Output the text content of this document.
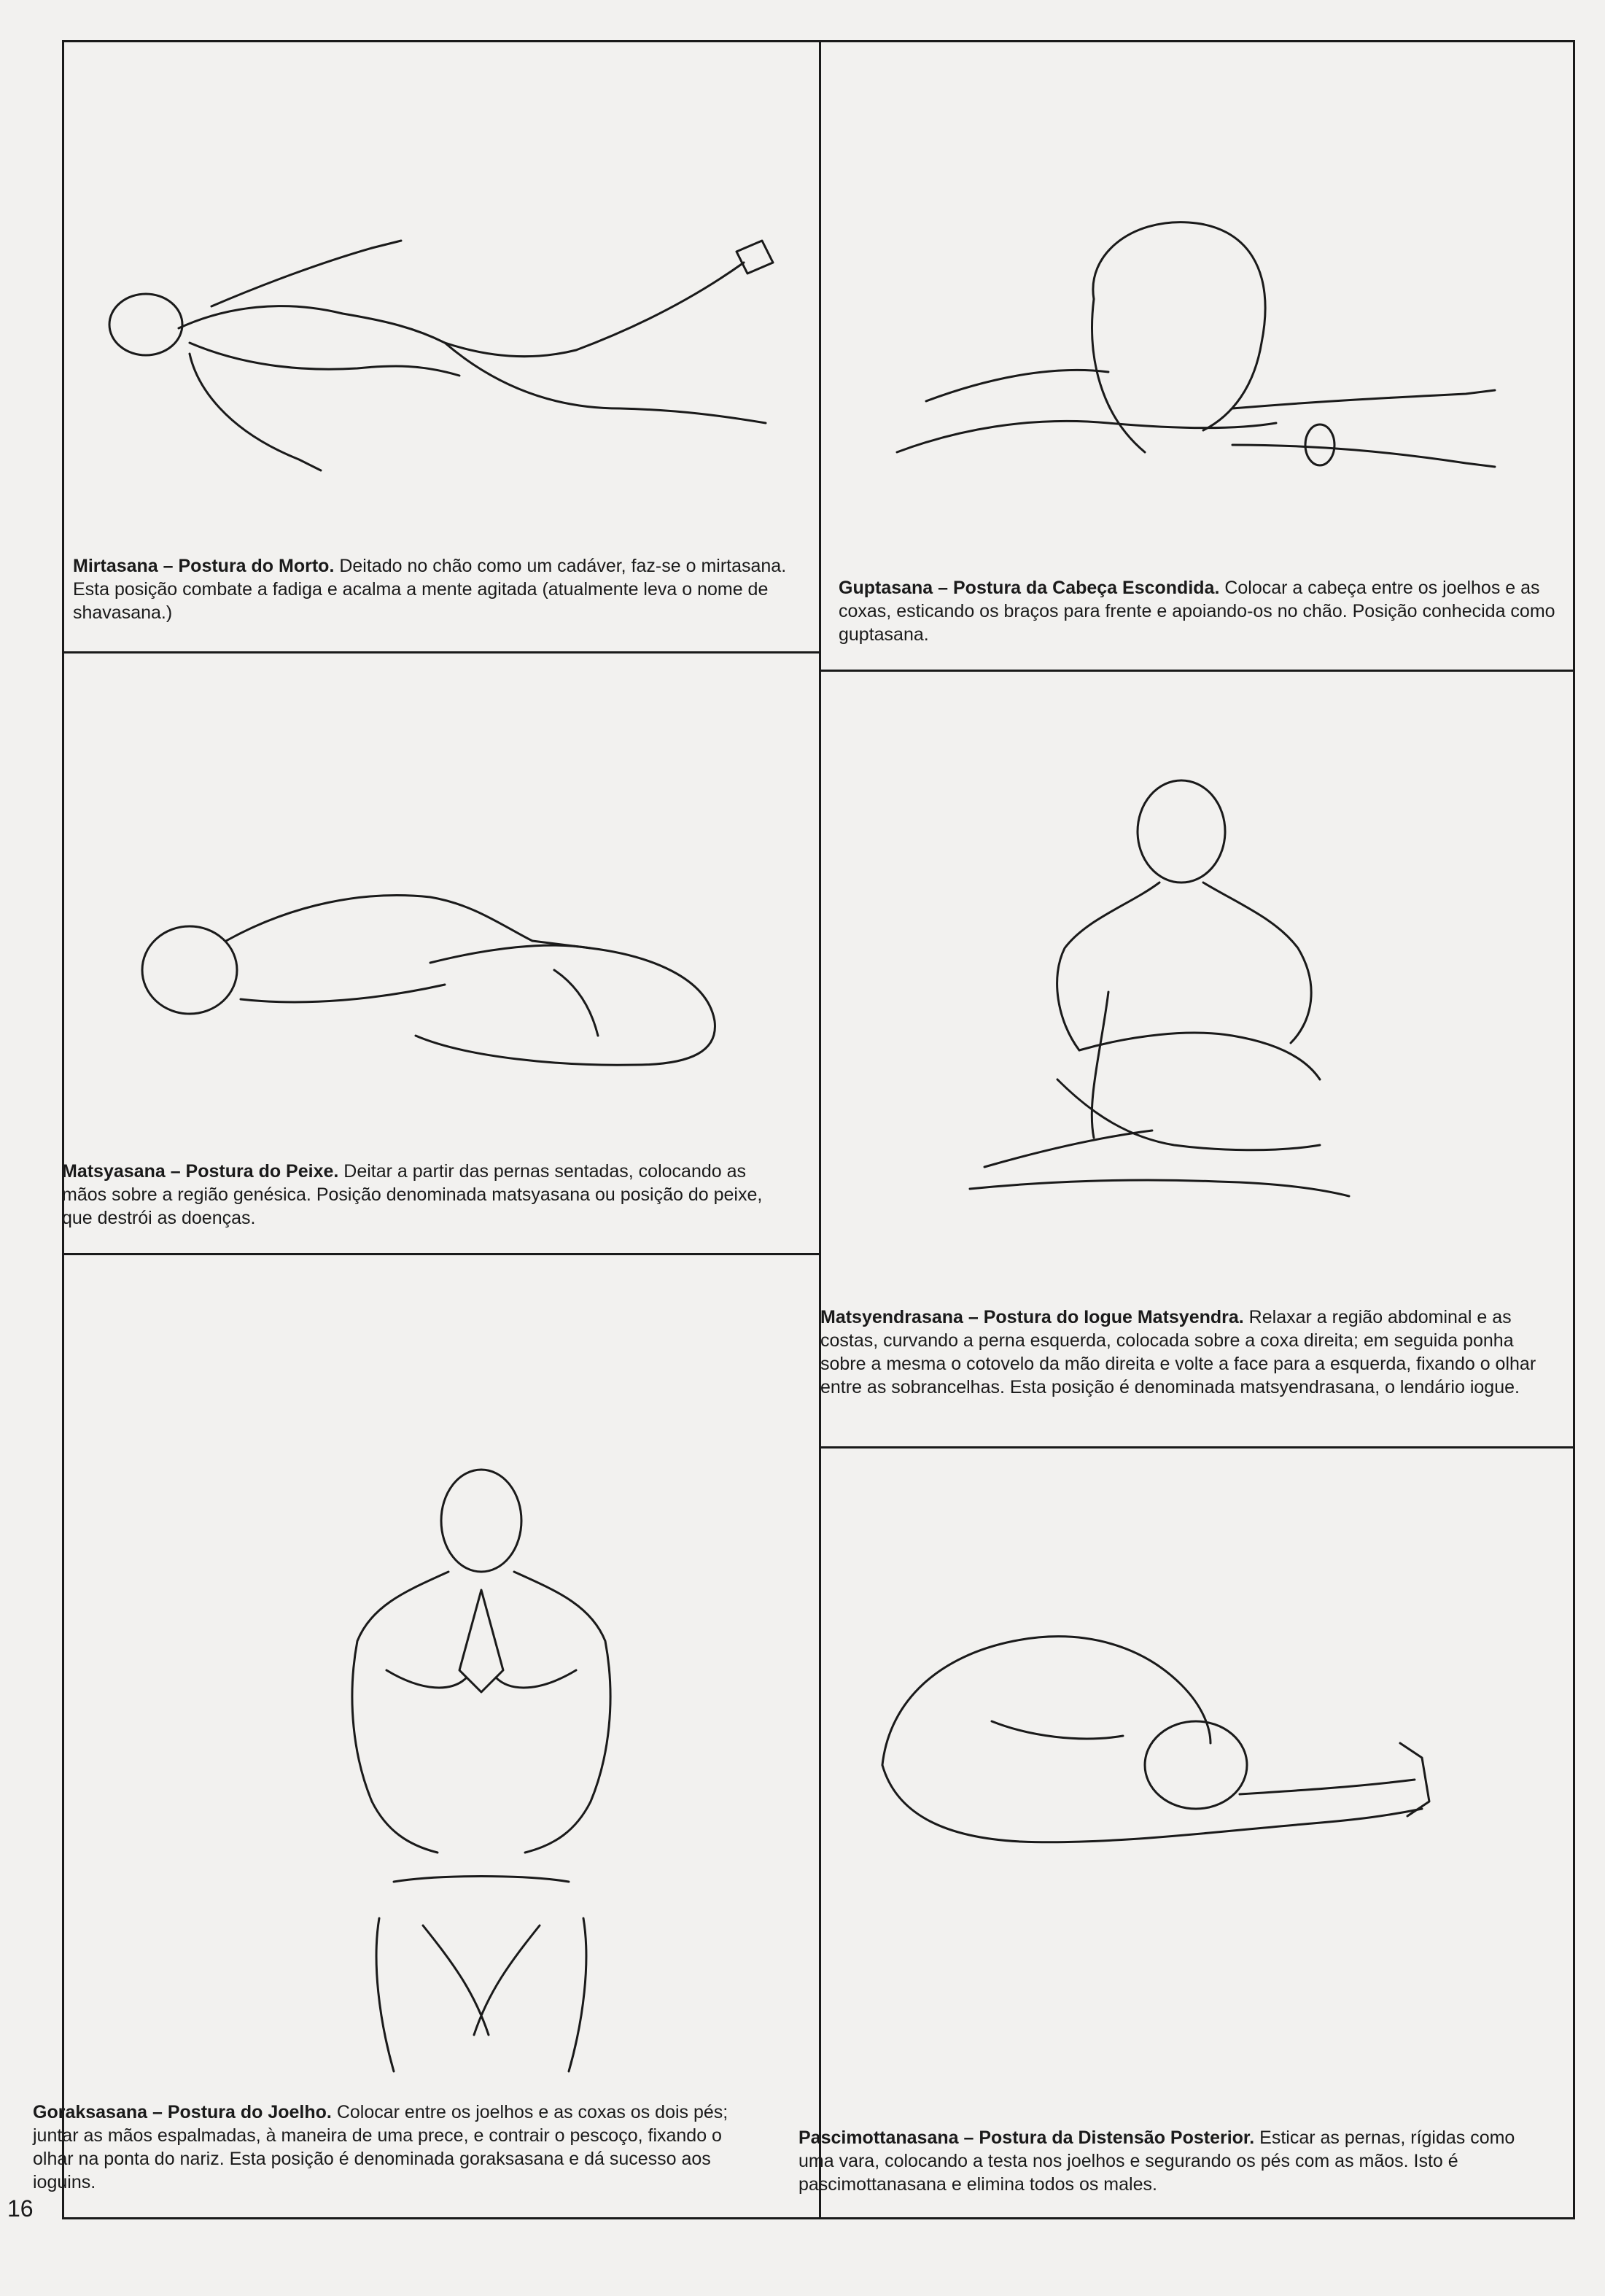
Mirtasana – Postura do Morto. Deitado no chão como um cadáver, faz-se o mirtasana. Esta posição combate a fadiga e acalma a mente agitada (atualmente leva o nome de shavasana.)
Guptasana – Postura da Cabeça Escondida. Colocar a cabeça entre os joelhos e as coxas, esticando os braços para frente e apoiando-os no chão. Posição conhecida como guptasana.
Matsyasana – Postura do Peixe. Deitar a partir das pernas sentadas, colocando as mãos sobre a região genésica. Posição denominada matsyasana ou posição do peixe, que destrói as doenças.
Matsyendrasana – Postura do Iogue Matsyendra. Relaxar a região abdominal e as costas, curvando a perna esquerda, colocada sobre a coxa direita; em seguida ponha sobre a mesma o cotovelo da mão direita e volte a face para a esquerda, fixando o olhar entre as sobrancelhas. Esta posição é denominada matsyendrasana, o lendário iogue.
Goraksasana – Postura do Joelho. Colocar entre os joelhos e as coxas os dois pés; juntar as mãos espalmadas, à maneira de uma prece, e contrair o pescoço, fixando o olhar na ponta do nariz. Esta posição é denominada goraksasana e dá sucesso aos ioguins.
Pascimottanasana – Postura da Distensão Posterior. Esticar as pernas, rígidas como uma vara, colocando a testa nos joelhos e segurando os pés com as mãos. Isto é pascimottanasana e elimina todos os males.
16
